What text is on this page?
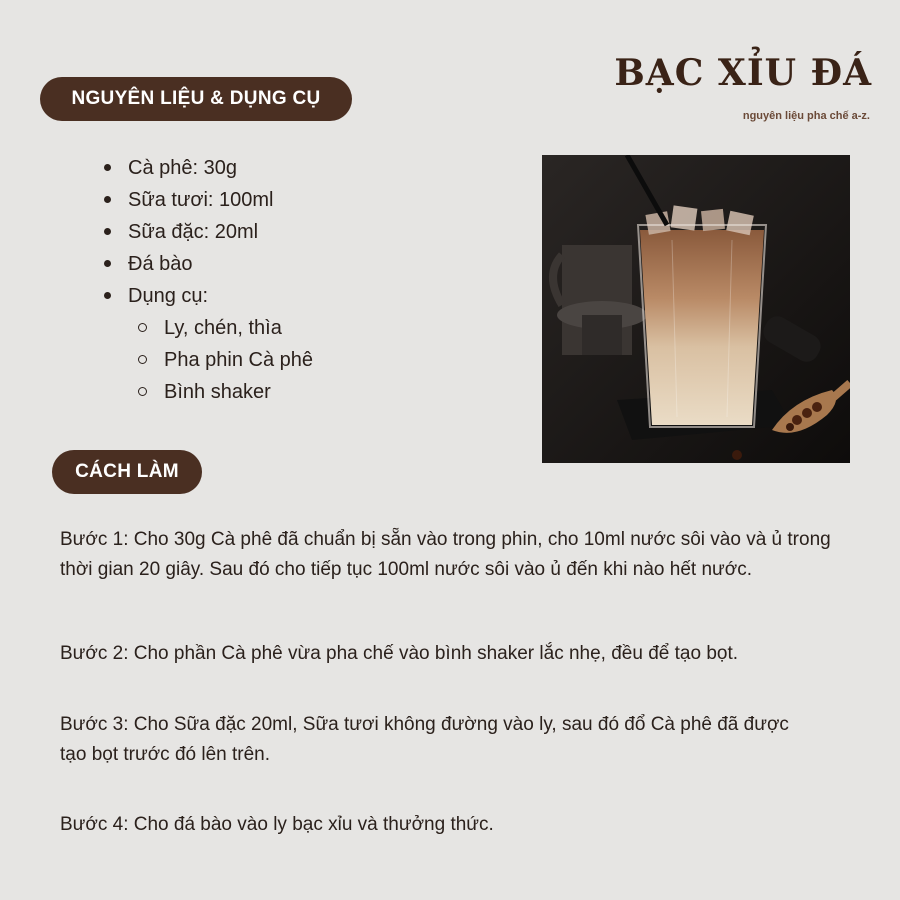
BẠC XỈU ĐÁ
nguyên liệu pha chế a-z.
NGUYÊN LIỆU & DỤNG CỤ
Cà phê: 30g
Sữa tươi: 100ml
Sữa đặc: 20ml
Đá bào
Dụng cụ:
Ly, chén, thìa
Pha phin Cà phê
Bình shaker
CÁCH LÀM

Bước 1: Cho 30g Cà phê đã chuẩn bị sẵn vào trong phin, cho 10ml nước sôi vào và ủ trong thời gian 20 giây. Sau đó cho tiếp tục 100ml nước sôi vào ủ đến khi nào hết nước.

Bước 2: Cho phần Cà phê vừa pha chế vào bình shaker lắc nhẹ, đều để tạo bọt.

Bước 3: Cho Sữa đặc 20ml, Sữa tươi không đường vào ly, sau đó đổ Cà phê đã được tạo bọt trước đó lên trên.

Bước 4: Cho đá bào vào ly bạc xỉu và thưởng thức.
